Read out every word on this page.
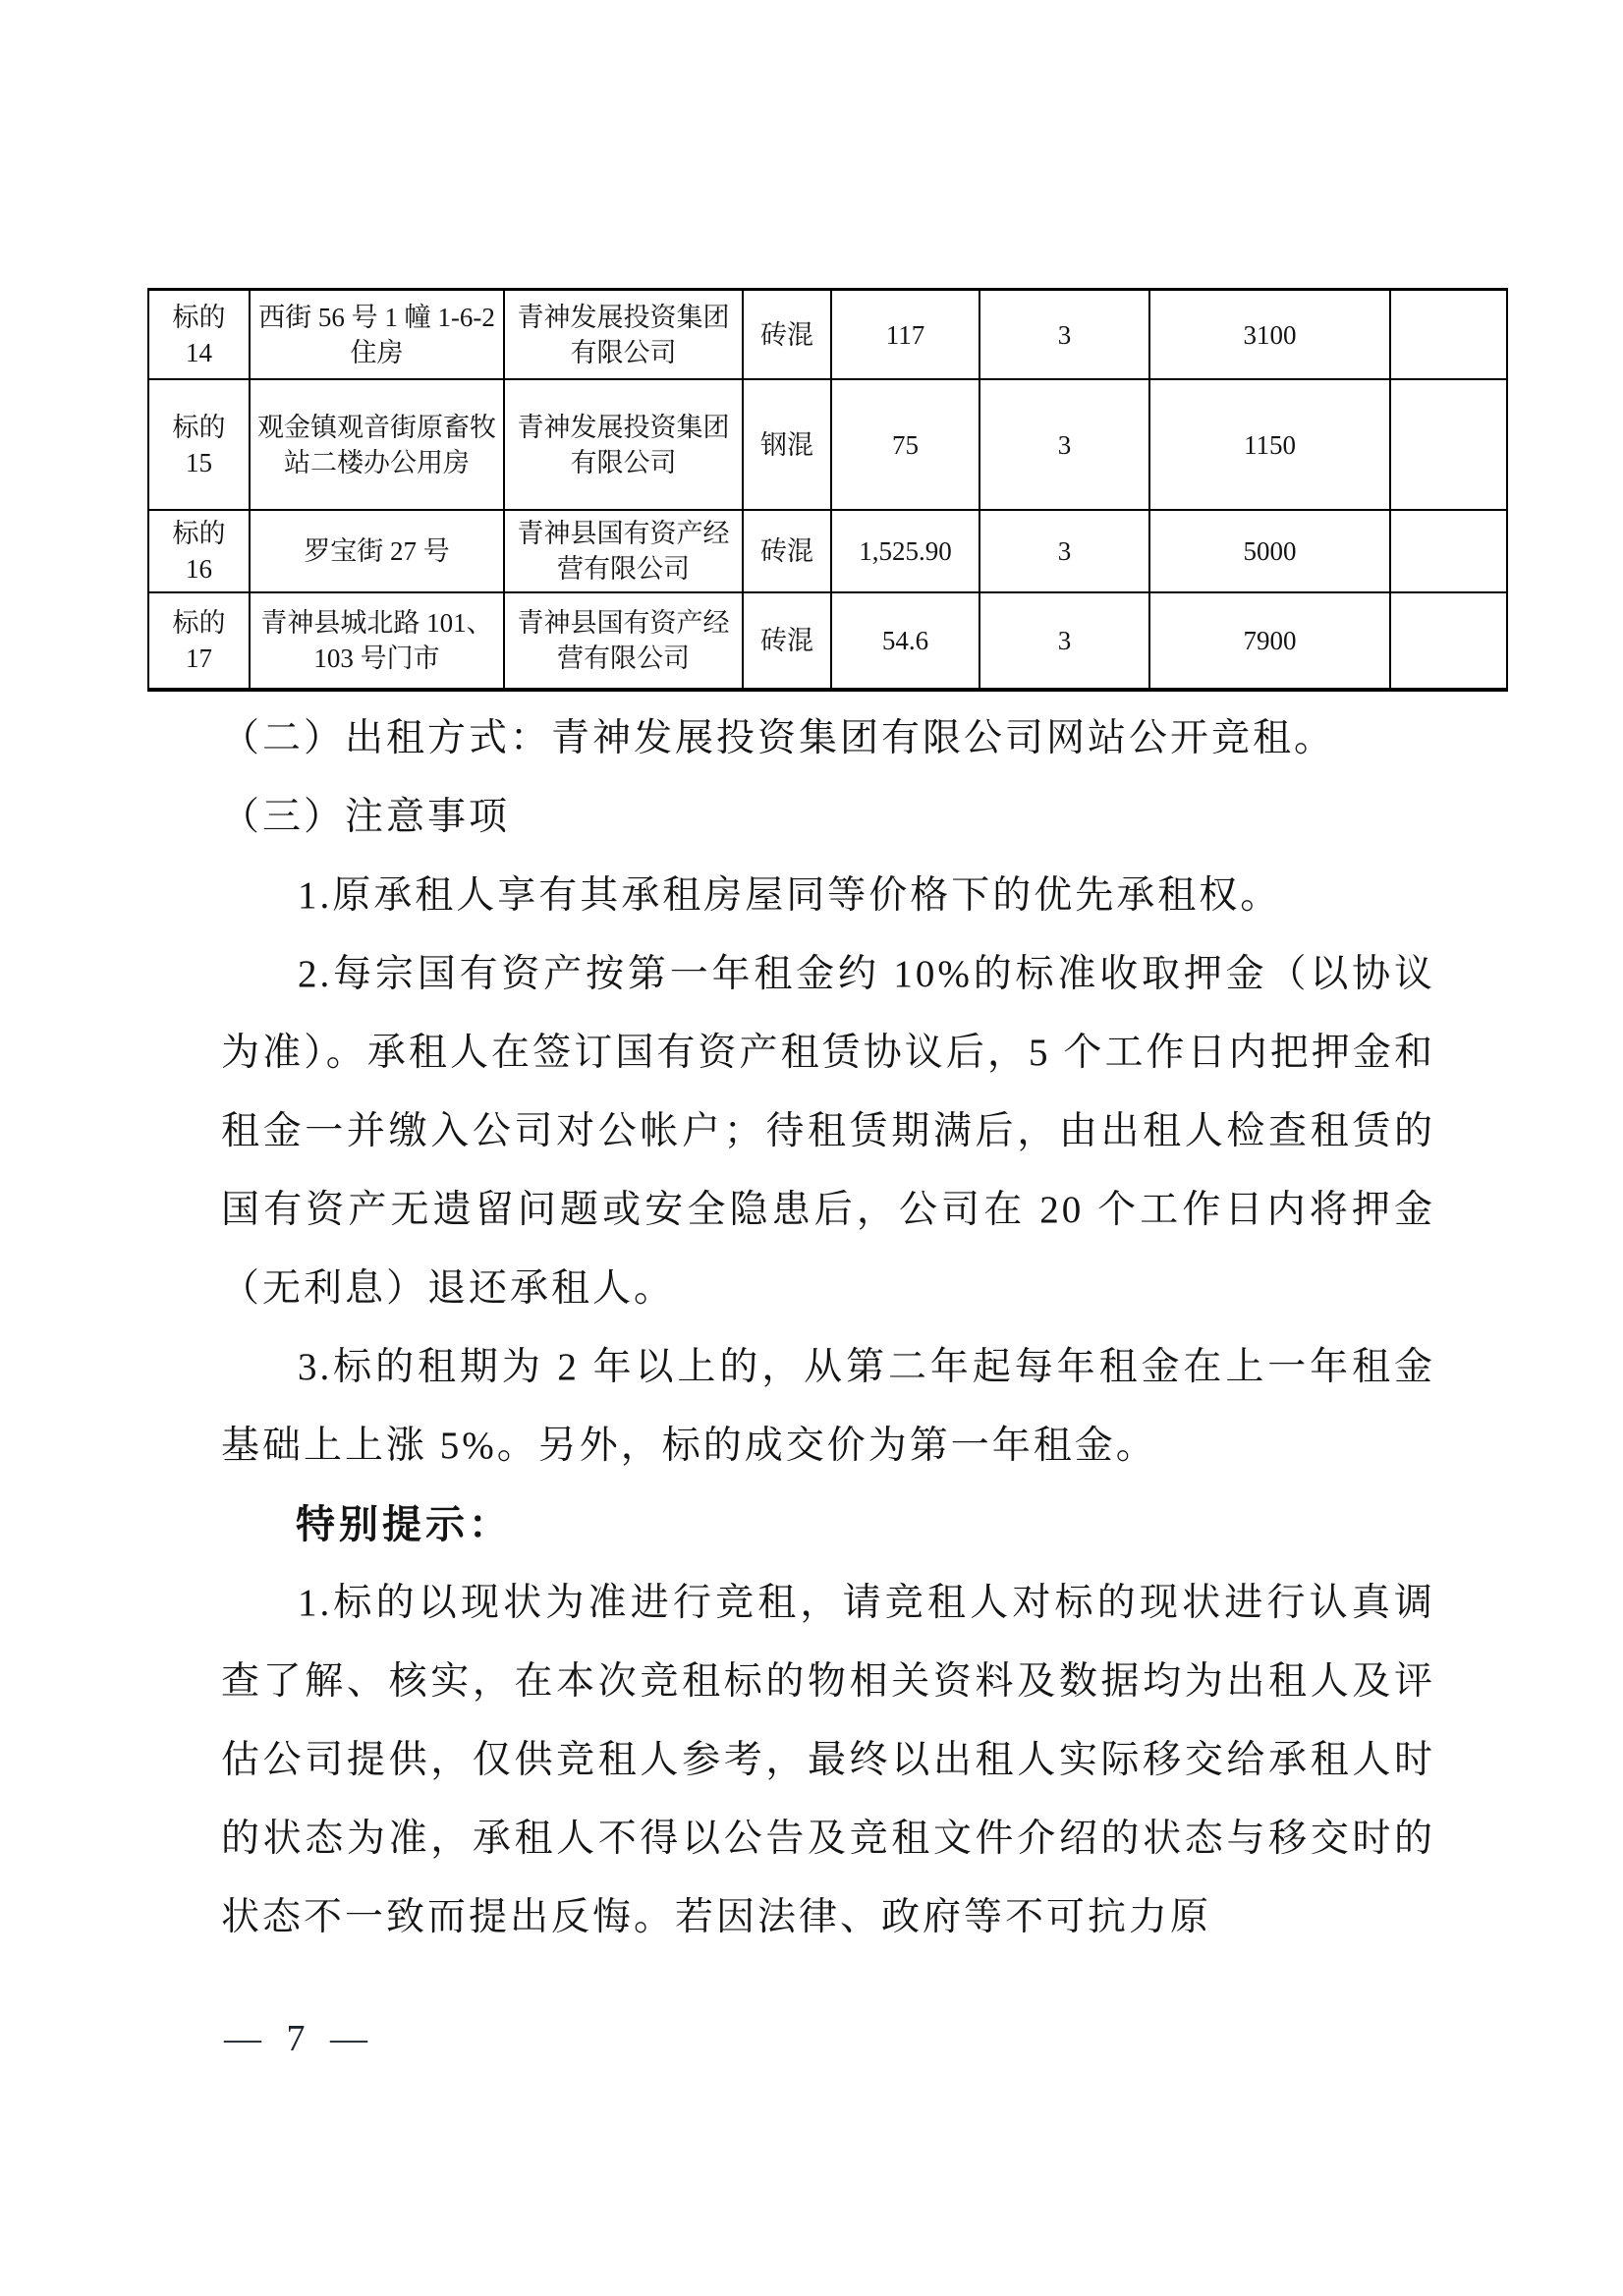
标的
14	西街 56 号 1 幢 1-6-2 住房	青神发展投资集团有限公司	砖混	117	3	3100	

标的
15	观金镇观音街原畜牧站二楼办公用房	青神发展投资集团有限公司	钢混	75	3	1150	

标的
16	罗宝街 27 号	青神县国有资产经营有限公司	砖混	1,525.90	3	5000	

标的
17	青神县城北路 101、103 号门市	青神县国有资产经营有限公司	砖混	54.6	3	7900	

（二）出租方式：青神发展投资集团有限公司网站公开竞租。

（三）注意事项

1.原承租人享有其承租房屋同等价格下的优先承租权。

2.每宗国有资产按第一年租金约 10%的标准收取押金（以协议为准）。承租人在签订国有资产租赁协议后，5 个工作日内把押金和租金一并缴入公司对公帐户；待租赁期满后，由出租人检查租赁的国有资产无遗留问题或安全隐患后，公司在 20 个工作日内将押金（无利息）退还承租人。

3.标的租期为 2 年以上的，从第二年起每年租金在上一年租金基础上上涨 5%。另外，标的成交价为第一年租金。

特别提示：

1.标的以现状为准进行竞租，请竞租人对标的现状进行认真调查了解、核实，在本次竞租标的物相关资料及数据均为出租人及评估公司提供，仅供竞租人参考，最终以出租人实际移交给承租人时的状态为准，承租人不得以公告及竞租文件介绍的状态与移交时的状态不一致而提出反悔。若因法律、政府等不可抗力原

— 7 —
